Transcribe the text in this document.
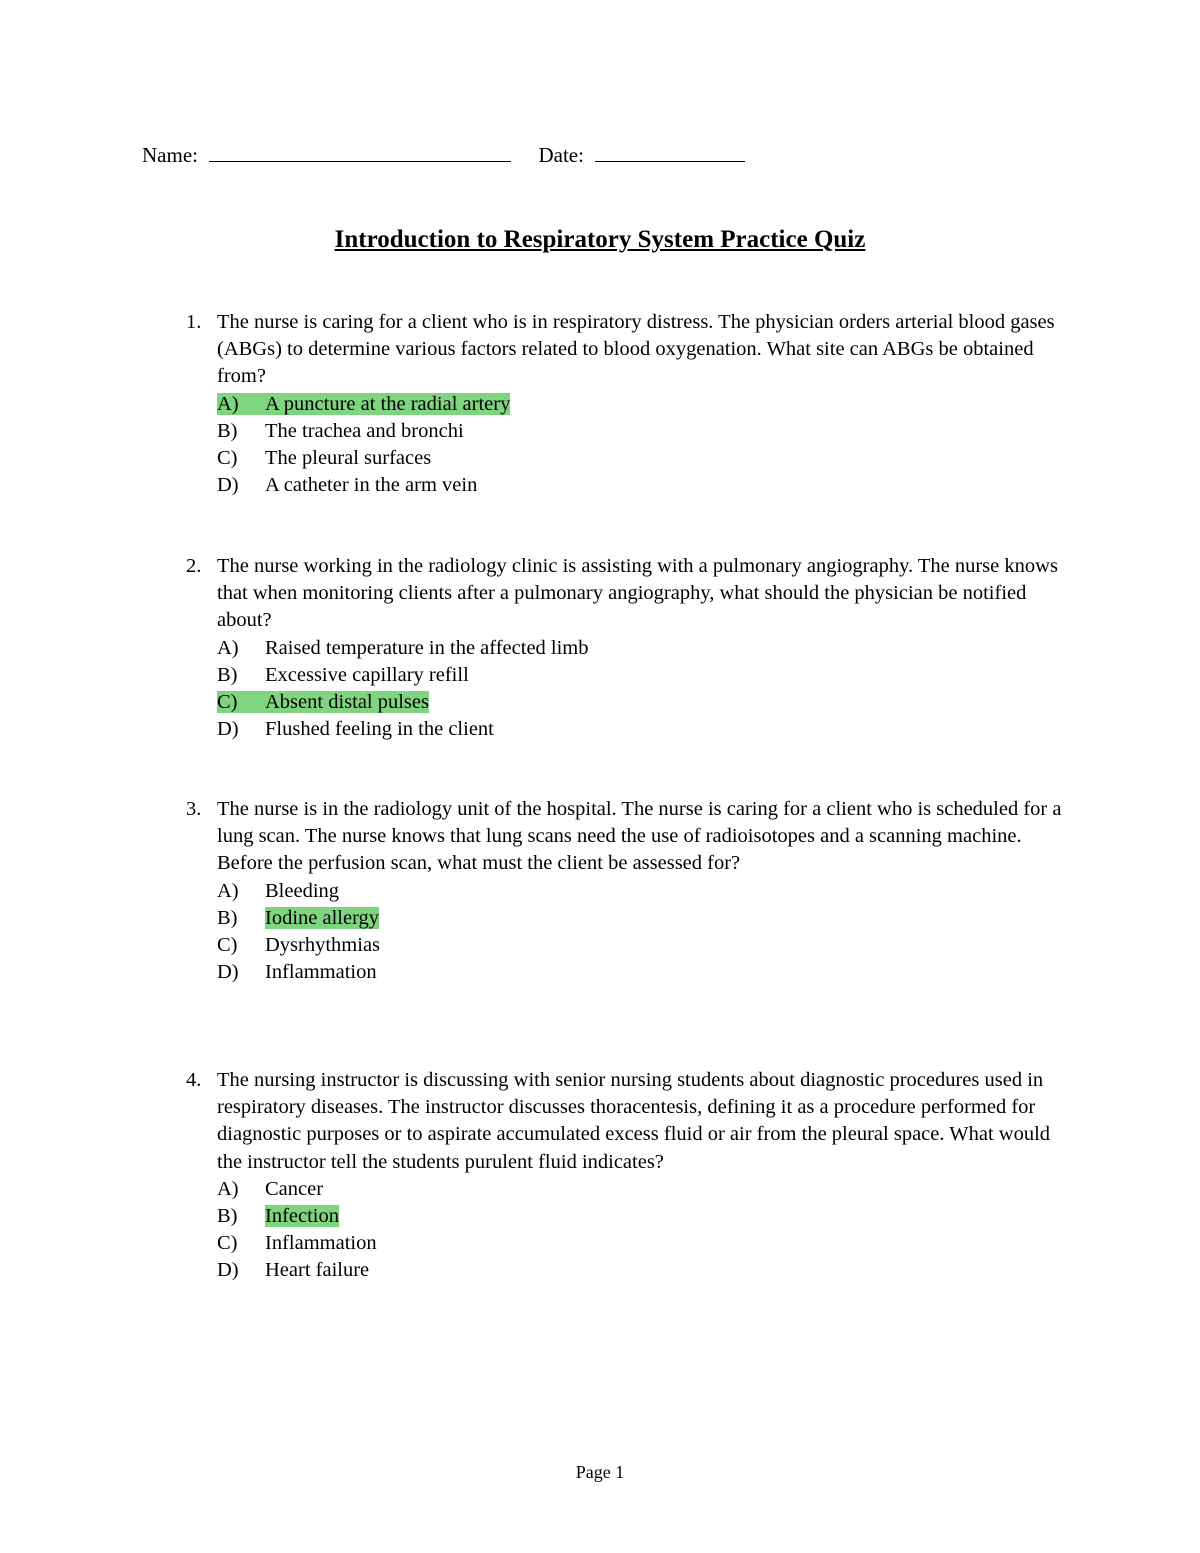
Name:	Date:
Introduction to Respiratory System Practice Quiz
1. The nurse is caring for a client who is in respiratory distress. The physician orders arterial blood gases (ABGs) to determine various factors related to blood oxygenation. What site can ABGs be obtained from?
A) A puncture at the radial artery
B) The trachea and bronchi
C) The pleural surfaces
D) A catheter in the arm vein
2. The nurse working in the radiology clinic is assisting with a pulmonary angiography. The nurse knows that when monitoring clients after a pulmonary angiography, what should the physician be notified about?
A) Raised temperature in the affected limb
B) Excessive capillary refill
C) Absent distal pulses
D) Flushed feeling in the client
3. The nurse is in the radiology unit of the hospital. The nurse is caring for a client who is scheduled for a lung scan. The nurse knows that lung scans need the use of radioisotopes and a scanning machine. Before the perfusion scan, what must the client be assessed for?
A) Bleeding
B) Iodine allergy
C) Dysrhythmias
D) Inflammation
4. The nursing instructor is discussing with senior nursing students about diagnostic procedures used in respiratory diseases. The instructor discusses thoracentesis, defining it as a procedure performed for diagnostic purposes or to aspirate accumulated excess fluid or air from the pleural space. What would the instructor tell the students purulent fluid indicates?
A) Cancer
B) Infection
C) Inflammation
D) Heart failure
Page 1
